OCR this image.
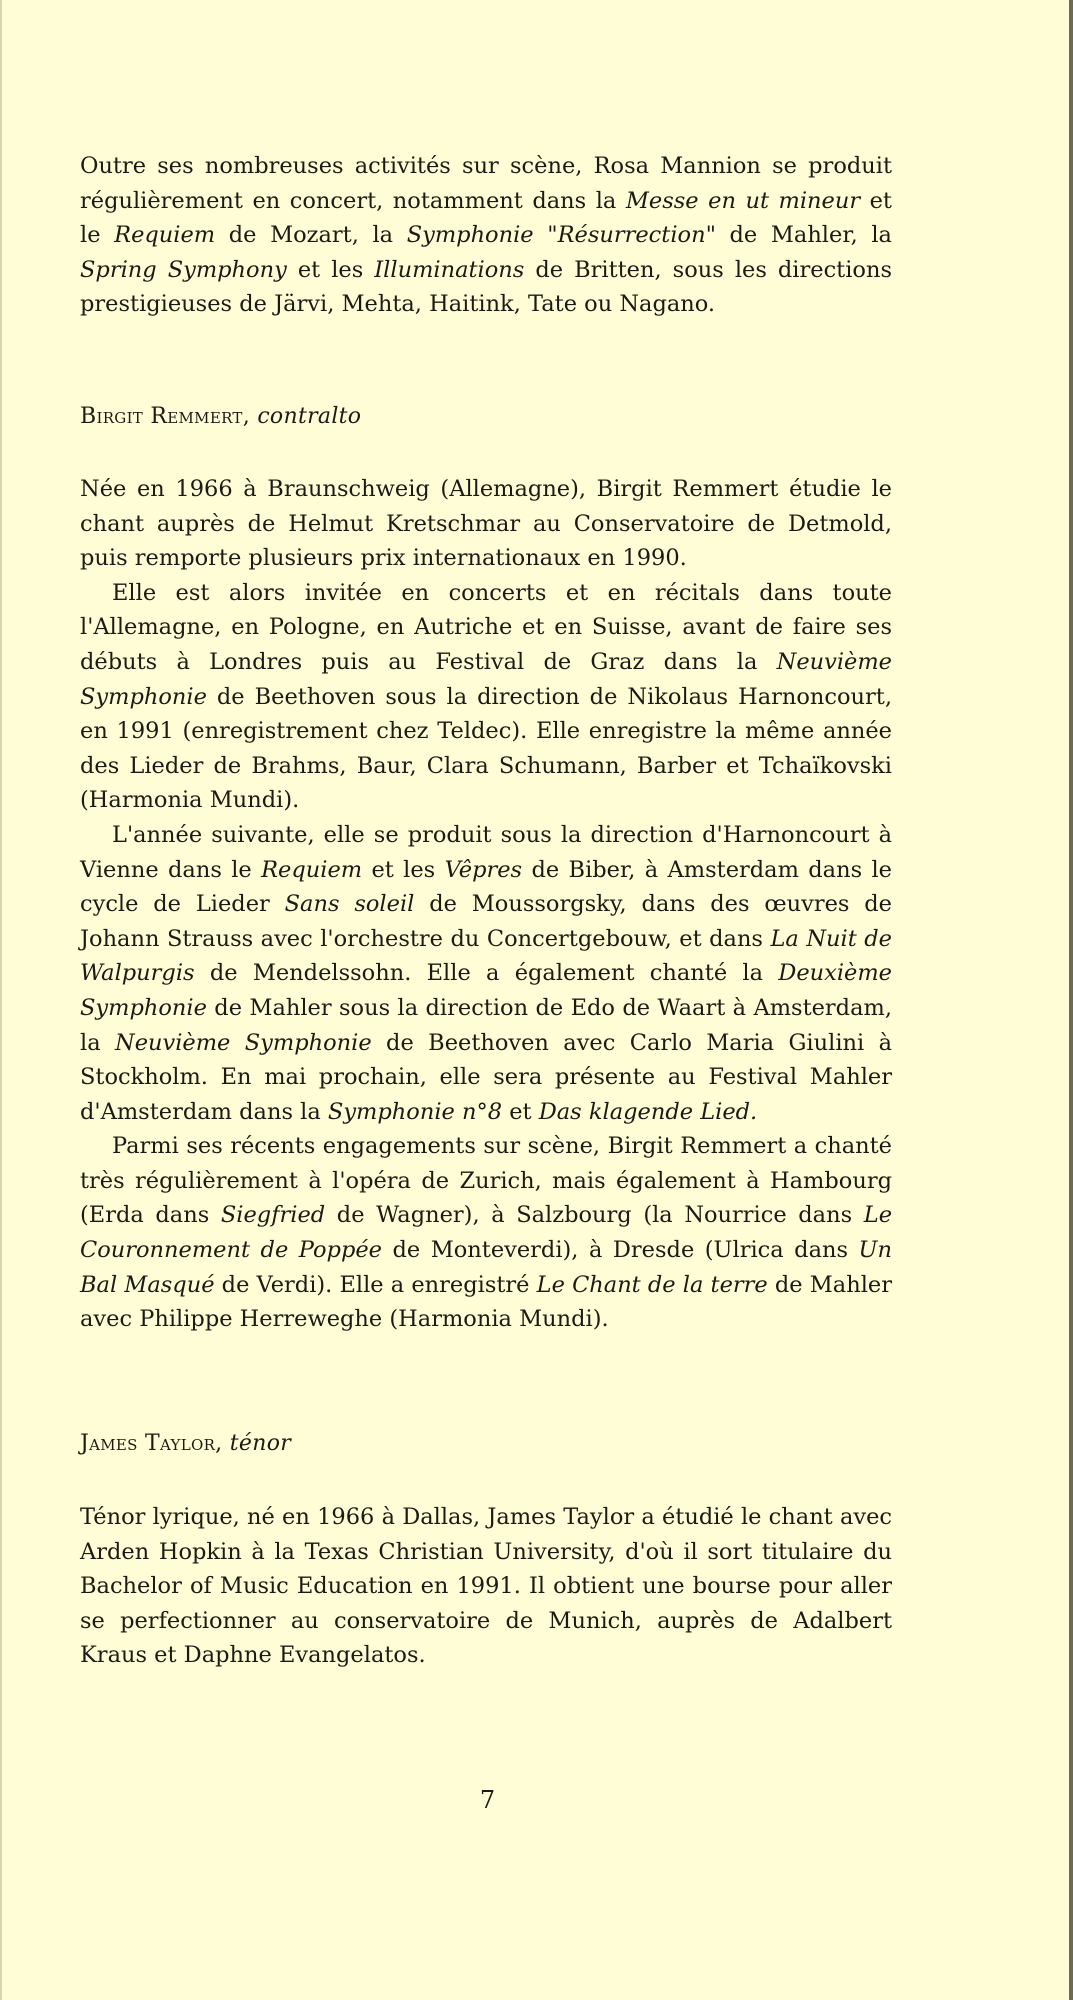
Outre ses nombreuses activités sur scène, Rosa Mannion se produit régulièrement en concert, notamment dans la Messe en ut mineur et le Requiem de Mozart, la Symphonie "Résurrection" de Mahler, la Spring Symphony et les Illuminations de Britten, sous les directions prestigieuses de Järvi, Mehta, Haitink, Tate ou Nagano.

Birgit Remmert, contralto

Née en 1966 à Braunschweig (Allemagne), Birgit Remmert étudie le chant auprès de Helmut Kretschmar au Conservatoire de Detmold, puis remporte plusieurs prix internationaux en 1990.

Elle est alors invitée en concerts et en récitals dans toute l'Allemagne, en Pologne, en Autriche et en Suisse, avant de faire ses débuts à Londres puis au Festival de Graz dans la Neuvième Symphonie de Beethoven sous la direction de Nikolaus Harnoncourt, en 1991 (enregistrement chez Teldec). Elle enregistre la même année des Lieder de Brahms, Baur, Clara Schumann, Barber et Tchaïkovski (Harmonia Mundi).

L'année suivante, elle se produit sous la direction d'Harnoncourt à Vienne dans le Requiem et les Vêpres de Biber, à Amsterdam dans le cycle de Lieder Sans soleil de Moussorgsky, dans des œuvres de Johann Strauss avec l'orchestre du Concertgebouw, et dans La Nuit de Walpurgis de Mendelssohn. Elle a également chanté la Deuxième Symphonie de Mahler sous la direction de Edo de Waart à Amsterdam, la Neuvième Symphonie de Beethoven avec Carlo Maria Giulini à Stockholm. En mai prochain, elle sera présente au Festival Mahler d'Amsterdam dans la Symphonie n°8 et Das klagende Lied.

Parmi ses récents engagements sur scène, Birgit Remmert a chanté très régulièrement à l'opéra de Zurich, mais également à Hambourg (Erda dans Siegfried de Wagner), à Salzbourg (la Nourrice dans Le Couronnement de Poppée de Monteverdi), à Dresde (Ulrica dans Un Bal Masqué de Verdi). Elle a enregistré Le Chant de la terre de Mahler avec Philippe Herreweghe (Harmonia Mundi).

James Taylor, ténor

Ténor lyrique, né en 1966 à Dallas, James Taylor a étudié le chant avec Arden Hopkin à la Texas Christian University, d'où il sort titulaire du Bachelor of Music Education en 1991. Il obtient une bourse pour aller se perfectionner au conservatoire de Munich, auprès de Adalbert Kraus et Daphne Evangelatos.

7
